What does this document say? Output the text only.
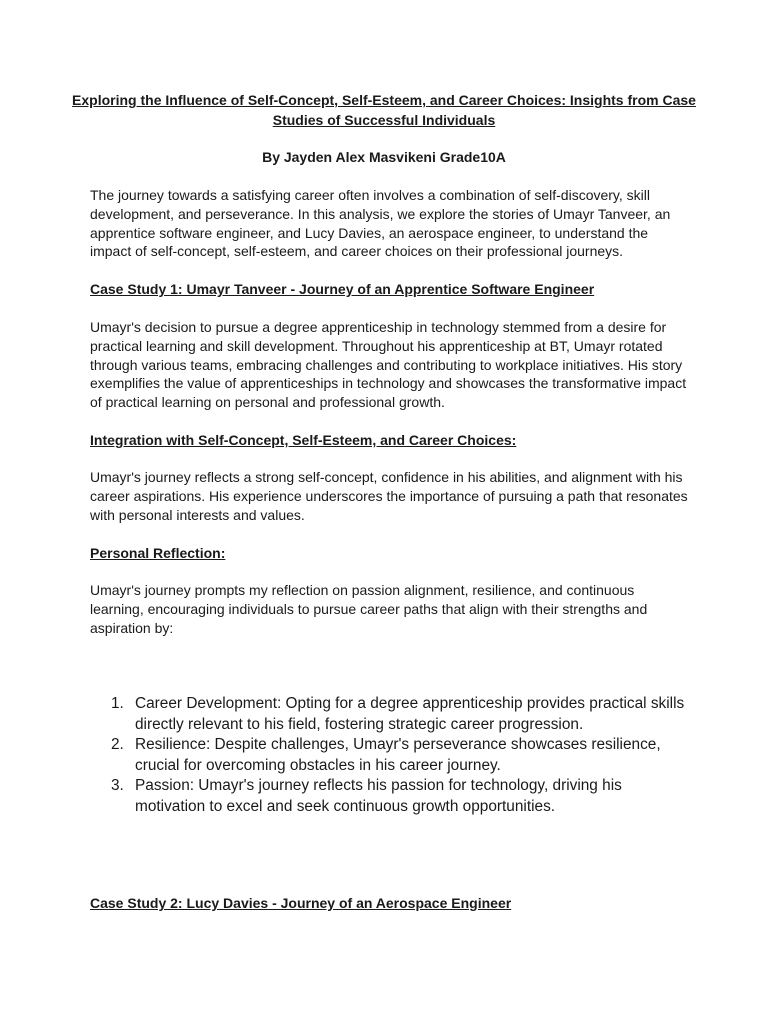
Exploring the Influence of Self-Concept, Self-Esteem, and Career Choices: Insights from Case Studies of Successful Individuals
By Jayden Alex Masvikeni Grade10A
The journey towards a satisfying career often involves a combination of self-discovery, skill development, and perseverance. In this analysis, we explore the stories of Umayr Tanveer, an apprentice software engineer, and Lucy Davies, an aerospace engineer, to understand the impact of self-concept, self-esteem, and career choices on their professional journeys.
Case Study 1: Umayr Tanveer - Journey of an Apprentice Software Engineer
Umayr's decision to pursue a degree apprenticeship in technology stemmed from a desire for practical learning and skill development. Throughout his apprenticeship at BT, Umayr rotated through various teams, embracing challenges and contributing to workplace initiatives. His story exemplifies the value of apprenticeships in technology and showcases the transformative impact of practical learning on personal and professional growth.
Integration with Self-Concept, Self-Esteem, and Career Choices:
Umayr's journey reflects a strong self-concept, confidence in his abilities, and alignment with his career aspirations. His experience underscores the importance of pursuing a path that resonates with personal interests and values.
Personal Reflection:
Umayr's journey prompts my reflection on passion alignment, resilience, and continuous learning, encouraging individuals to pursue career paths that align with their strengths and aspiration by:
1. Career Development: Opting for a degree apprenticeship provides practical skills directly relevant to his field, fostering strategic career progression.
2. Resilience: Despite challenges, Umayr's perseverance showcases resilience, crucial for overcoming obstacles in his career journey.
3. Passion: Umayr's journey reflects his passion for technology, driving his motivation to excel and seek continuous growth opportunities.
Case Study 2: Lucy Davies - Journey of an Aerospace Engineer
